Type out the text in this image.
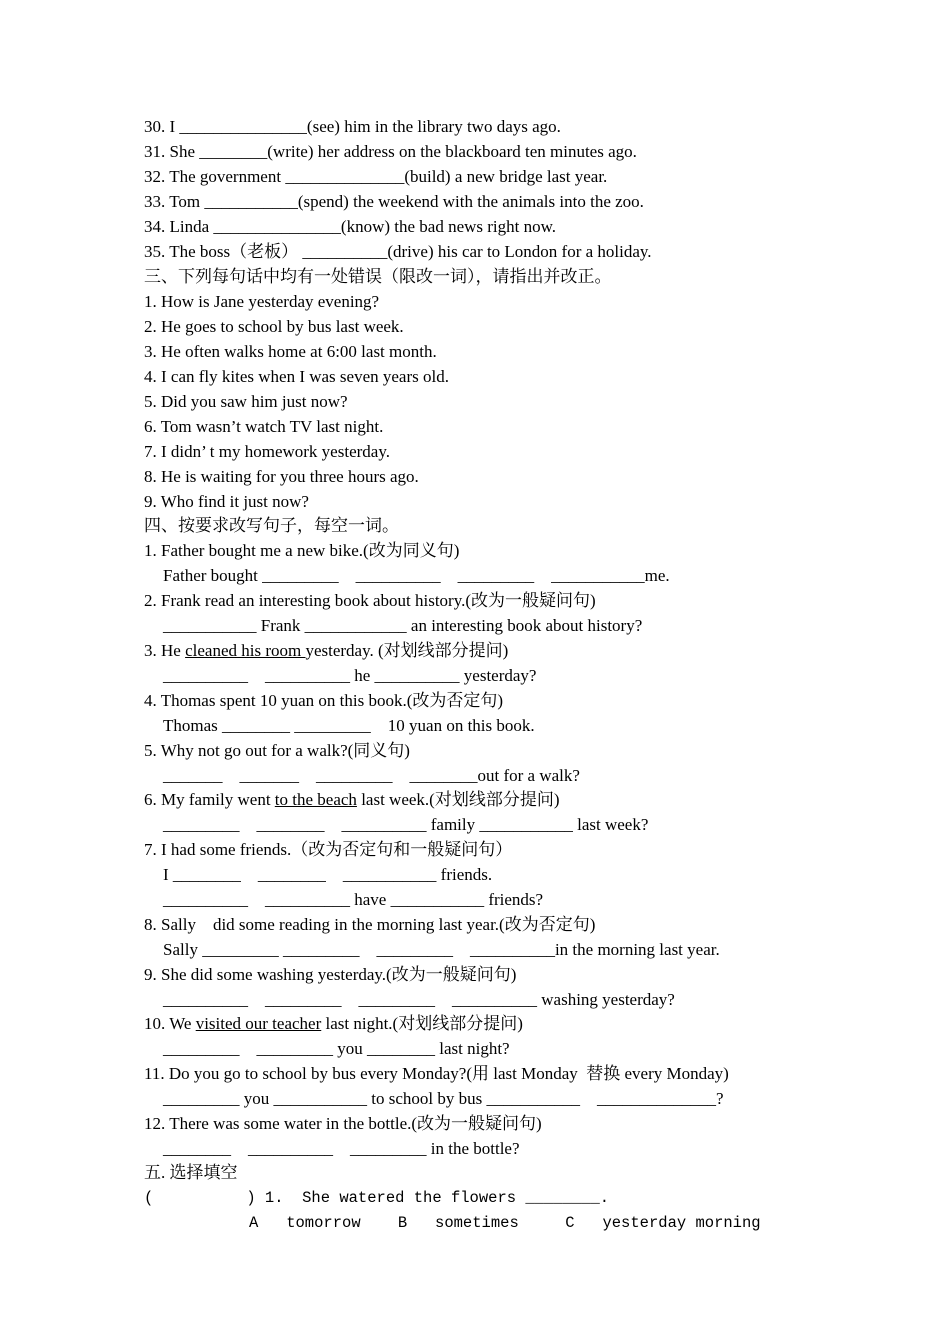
30. I _______________(see) him in the library two days ago.
31. She ________(write) her address on the blackboard ten minutes ago.
32. The government ______________(build) a new bridge last year.
33. Tom ___________(spend) the weekend with the animals into the zoo.
34. Linda _______________(know) the bad news right now.
35. The boss（老板） __________(drive) his car to London for a holiday.
三、下列每句话中均有一处错误（限改一词），请指出并改正。
1. How is Jane yesterday evening?
2. He goes to school by bus last week.
3. He often walks home at 6:00 last month.
4. I can fly kites when I was seven years old.
5. Did you saw him just now?
6. Tom wasn’t watch TV last night.
7. I didn’ t my homework yesterday.
8. He is waiting for you three hours ago.
9. Who find it just now?
四、按要求改写句子，每空一词。
1. Father bought me a new bike.(改为同义句)
Father bought _________    __________    _________    ___________me.
2. Frank read an interesting book about history.(改为一般疑问句)
___________ Frank ____________ an interesting book about history?
3. He cleaned his room yesterday. (对划线部分提问)
__________    __________ he __________ yesterday?
4. Thomas spent 10 yuan on this book.(改为否定句)
Thomas ________ _________    10 yuan on this book.
5. Why not go out for a walk?(同义句)
_______    _______    _________    ________out for a walk?
6. My family went to the beach last week.(对划线部分提问)
_________    ________    __________ family ___________ last week?
7. I had some friends.（改为否定句和一般疑问句）
I ________    ________    ___________ friends.
__________    __________ have ___________ friends?
8. Sally    did some reading in the morning last year.(改为否定句)
Sally _________ _________    _________    __________in the morning last year.
9. She did some washing yesterday.(改为一般疑问句)
__________    _________    _________    __________ washing yesterday?
10. We visited our teacher last night.(对划线部分提问)
_________    _________ you ________ last night?
11. Do you go to school by bus every Monday?(用 last Monday  替换 every Monday)
_________ you ___________ to school by bus ___________    ______________?
12. There was some water in the bottle.(改为一般疑问句)
________    __________    _________ in the bottle?
五. 选择填空
(          ) 1.  She watered the flowers ________.
A   tomorrow    B   sometimes     C   yesterday morning
